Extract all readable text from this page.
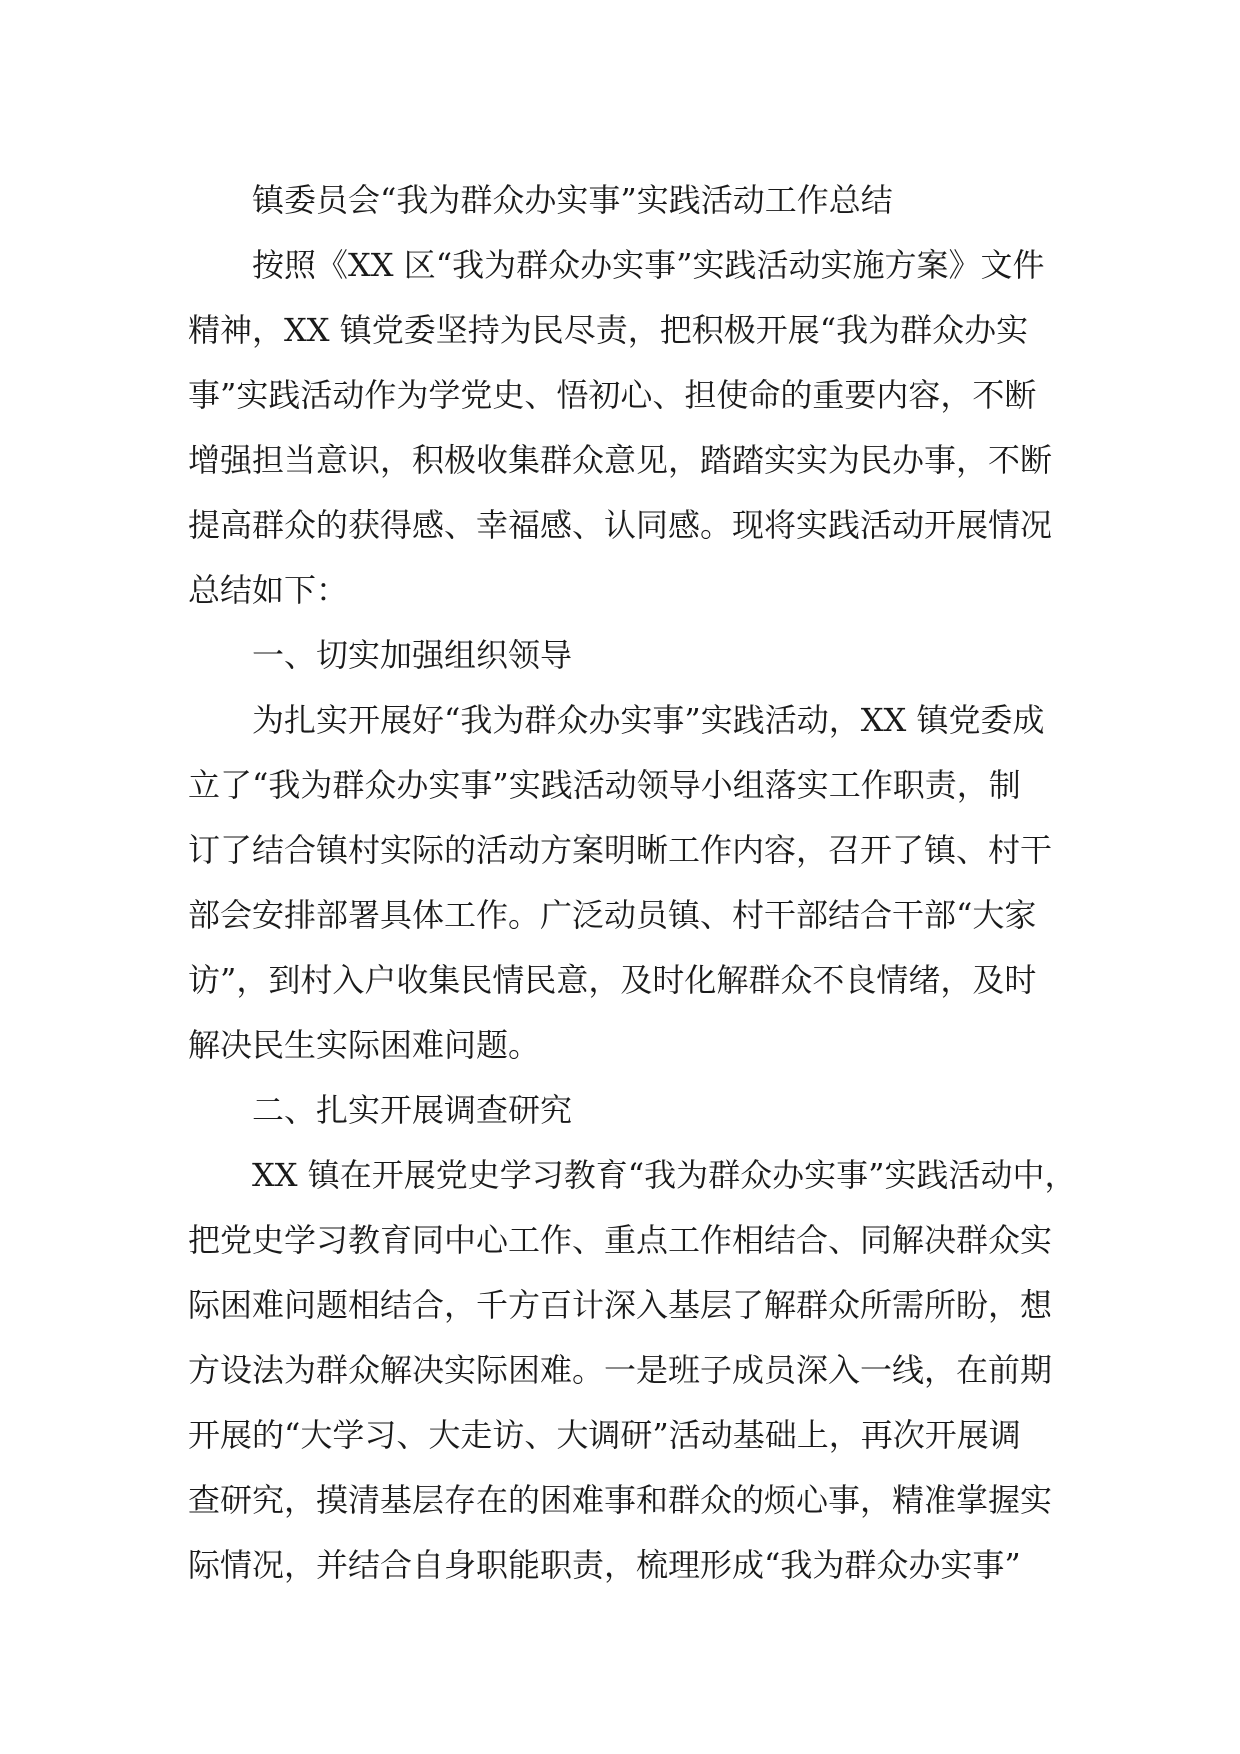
镇委员会“我为群众办实事”实践活动工作总结
按照《XX 区“我为群众办实事”实践活动实施方案》文件
精神，XX 镇党委坚持为民尽责，把积极开展“我为群众办实
事”实践活动作为学党史、悟初心、担使命的重要内容，不断
增强担当意识，积极收集群众意见，踏踏实实为民办事，不断
提高群众的获得感、幸福感、认同感。现将实践活动开展情况
总结如下：
一、切实加强组织领导
为扎实开展好“我为群众办实事”实践活动，XX 镇党委成
立了“我为群众办实事”实践活动领导小组落实工作职责，制
订了结合镇村实际的活动方案明晰工作内容，召开了镇、村干
部会安排部署具体工作。广泛动员镇、村干部结合干部“大家
访”，到村入户收集民情民意，及时化解群众不良情绪，及时
解决民生实际困难问题。
二、扎实开展调查研究
XX 镇在开展党史学习教育“我为群众办实事”实践活动中，
把党史学习教育同中心工作、重点工作相结合、同解决群众实
际困难问题相结合，千方百计深入基层了解群众所需所盼，想
方设法为群众解决实际困难。一是班子成员深入一线，在前期
开展的“大学习、大走访、大调研”活动基础上，再次开展调
查研究，摸清基层存在的困难事和群众的烦心事，精准掌握实
际情况，并结合自身职能职责，梳理形成“我为群众办实事”
